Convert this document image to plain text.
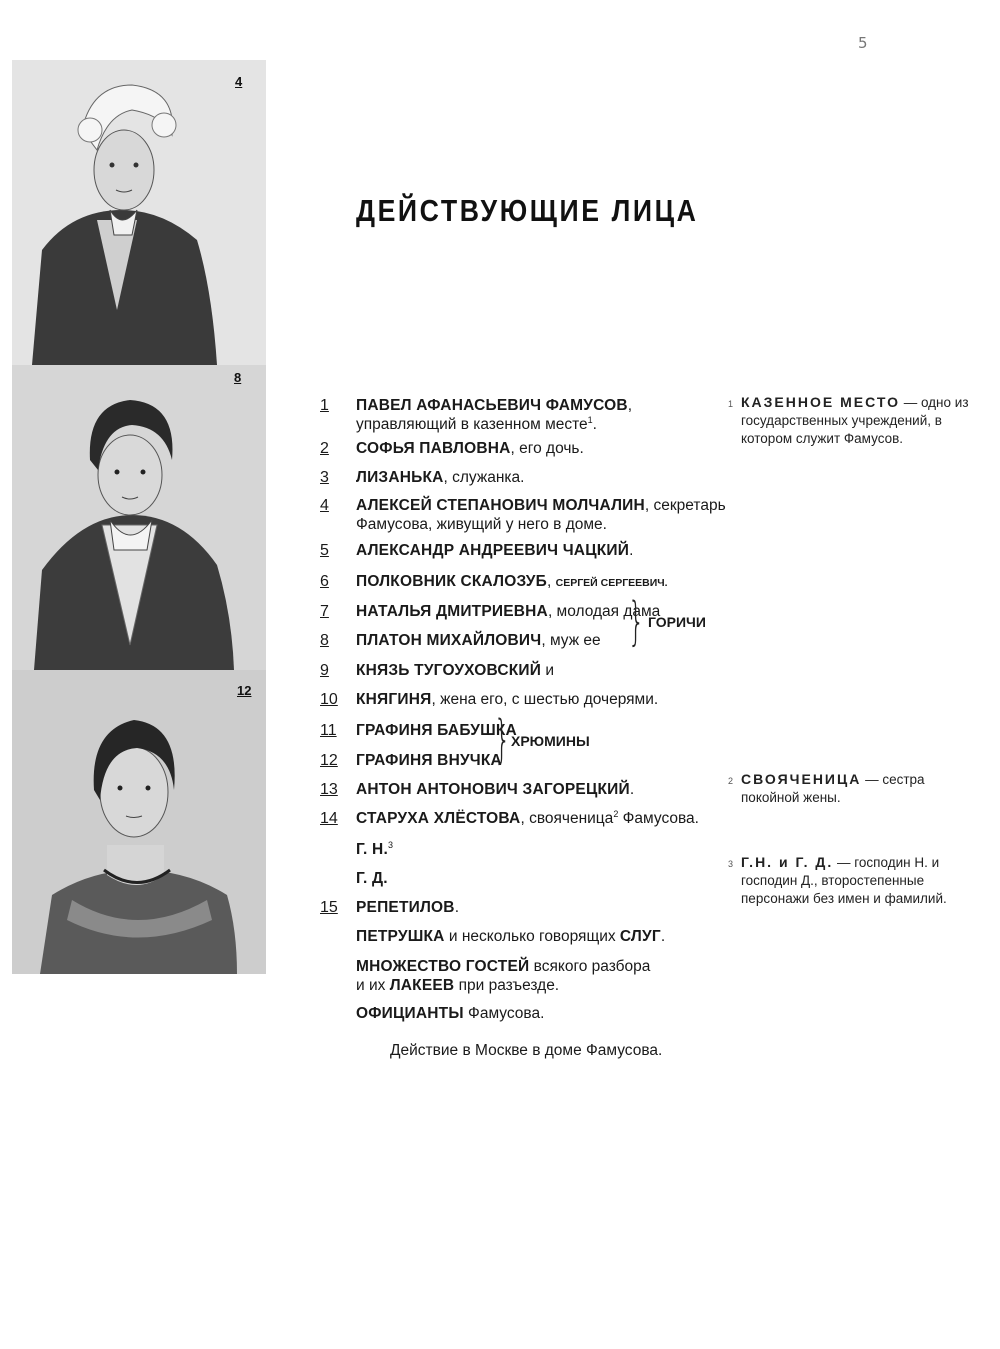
5
4
8
12
ДЕЙСТВУЮЩИЕ ЛИЦА
1 ПАВЕЛ АФАНАСЬЕВИЧ ФАМУСОВ,
управляющий в казенном месте$^1$.
2 СОФЬЯ ПАВЛОВНА, его дочь.
3 ЛИЗАНЬКА, служанка.
4 АЛЕКСЕЙ СТЕПАНОВИЧ МОЛЧАЛИН, секретарь
Фамусова, живущий у него в доме.
5 АЛЕКСАНДР АНДРЕЕВИЧ ЧАЦКИЙ.
6 ПОЛКОВНИК СКАЛОЗУБ, СЕРГЕЙ СЕРГЕЕВИЧ.
7 НАТАЛЬЯ ДМИТРИЕВНА, молодая дама
8 ПЛАТОН МИХАЙЛОВИЧ, муж ее } ГОРИЧИ
9 КНЯЗЬ ТУГОУХОВСКИЙ и
10 КНЯГИНЯ, жена его, с шестью дочерями.
11 ГРАФИНЯ БАБУШКА
12 ГРАФИНЯ ВНУЧКА
} ХРЮМИНЫ
13 АНТОН АНТОНОВИЧ ЗАГОРЕЦКИЙ.
14 СТАРУХА ХЛЁСТОВА, свояченица$^2$ Фамусова.
Г. Н.$^3$
Г. Д.
15 РЕПЕТИЛОВ.
ПЕТРУШКА и несколько говорящих СЛУГ.
МНОЖЕСТВО ГОСТЕЙ всякого разбора
и их ЛАКЕЕВ при разъезде.
ОФИЦИАНТЫ Фамусова.
Действие в Москве в доме Фамусова.
1 КАЗЕННОЕ МЕСТО — одно из государственных учреждений, в котором служит Фамусов.
2 СВОЯЧЕНИЦА — сестра покойной жены.
3 Г.Н. и Г. Д. — господин Н. и господин Д., второстепенные персонажи без имен и фамилий.
